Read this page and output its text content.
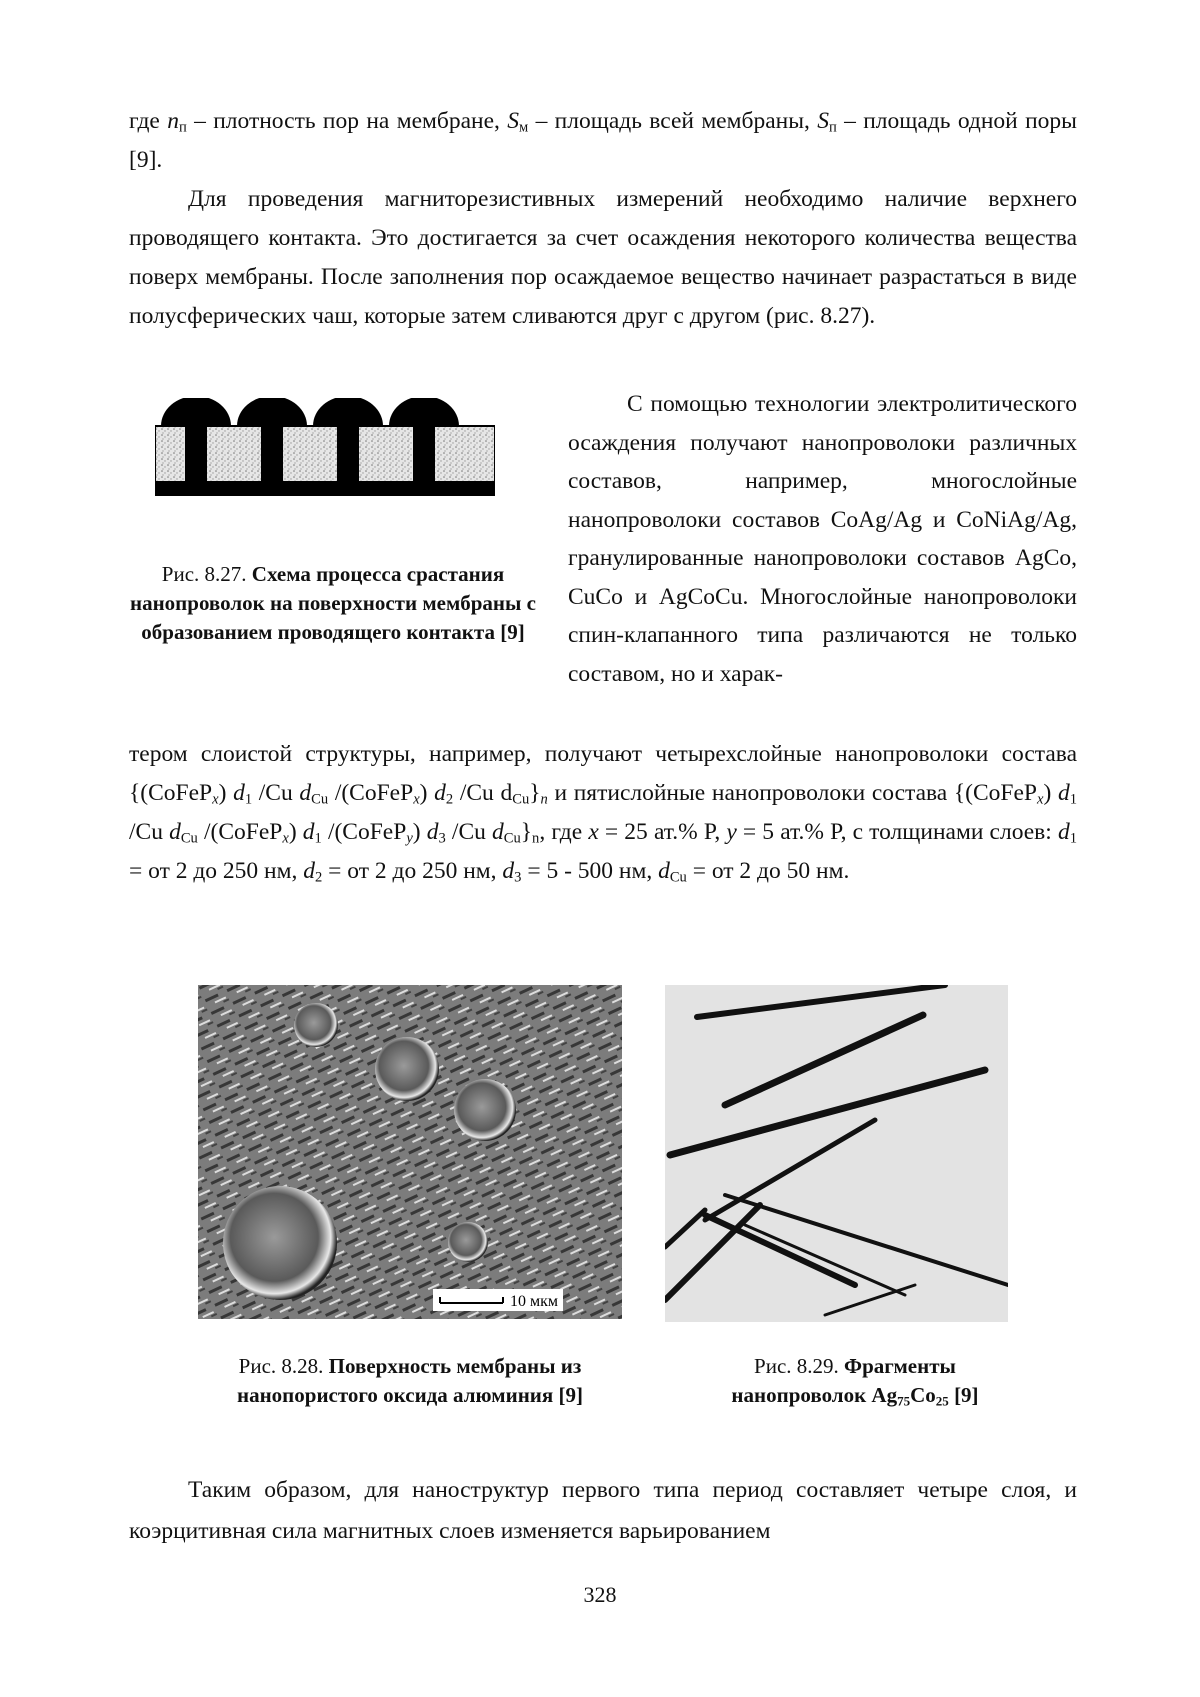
где $n_п$ – плотность пор на мембране, $S_м$ – площадь всей мембраны, $S_п$ – площадь одной поры [9].

Для проведения магниторезистивных измерений необходимо наличие верхнего проводящего контакта. Это достигается за счет осаждения некоторого количества вещества поверх мембраны. После заполнения пор осаждаемое вещество начинает разрастаться в виде полусферических чаш, которые затем сливаются друг с другом (рис. 8.27).

Рис. 8.27. Схема процесса срастания нанопроволок на поверхности мембраны с образованием проводящего контакта [9]

С помощью технологии электролитического осаждения получают нанопроволоки различных составов, например, многослойные нанопроволоки составов CoAg/Ag и CoNiAg/Ag, гранулированные нанопроволоки составов AgCo, CuCo и AgCoCu. Многослойные нанопроволоки спин-клапанного типа различаются не только составом, но и харак-

тером слоистой структуры, например, получают четырехслойные нанопроволоки состава {(CoFeP$_x$) $d_1$ /Cu $d_{Cu}$ /(CoFeP$_x$) $d_2$ /Cu $d_{Cu}\}_n$ и пятислойные нанопроволоки состава {(CoFeP$_x$) $d_1$ /Cu $d_{Cu}$ /(CoFeP$_x$) $d_1$ /(CoFeP$_y$) $d_3$ /Cu $d_{Cu}\}_n$, где x = 25 ат.% P, y = 5 ат.% P, с толщинами слоев: $d_1$ = от 2 до 250 нм, $d_2$ = от 2 до 250 нм, $d_3 = 5 - 500$ нм, $d_{Cu}$ = от 2 до 50 нм.

10 мкм
Рис. 8.28. Поверхность мембраны из нанопористого оксида алюминия [9]
Рис. 8.29. Фрагменты нанопроволок $Ag_{75}Co_{25}$ [9]

Таким образом, для наноструктур первого типа период составляет четыре слоя, и коэрцитивная сила магнитных слоев изменяется варьированием

328
